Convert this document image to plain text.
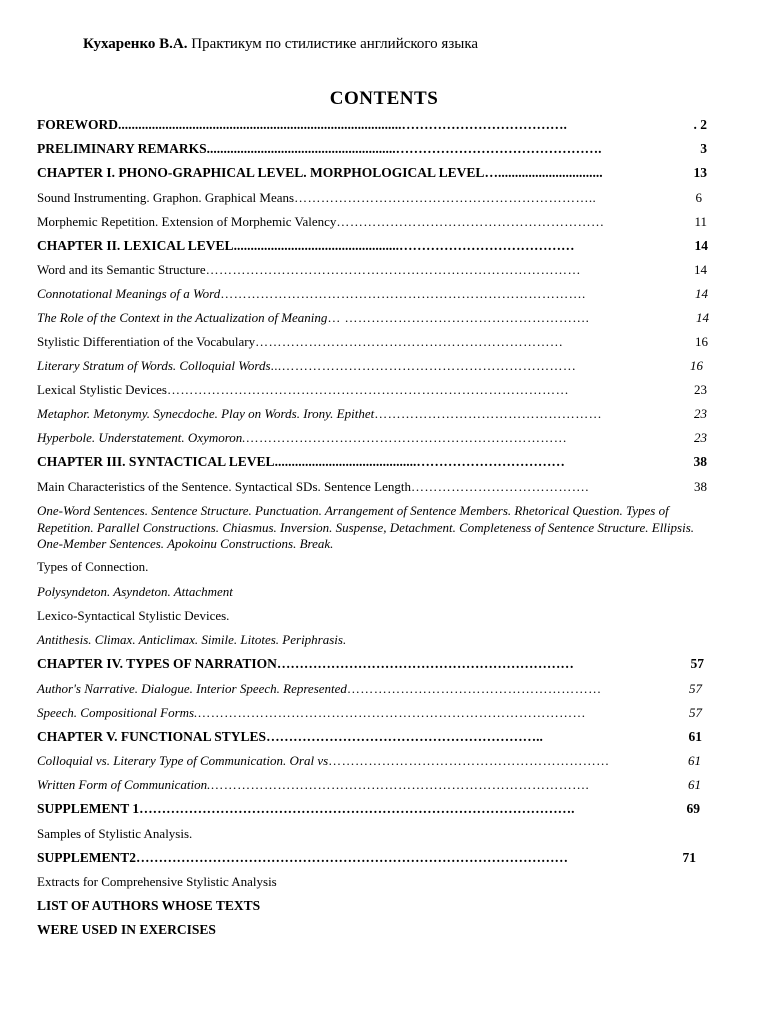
Кухаренко В.А. Практикум по стилистике английского языка
CONTENTS
FOREWORD ....................................................................................……………………………….	. 2
PRELIMINARY REMARKS ........................................................……………………………………….	3
CHAPTER I. PHONO-GRAPHICAL LEVEL. MORPHOLOGICAL LEVEL …...............................	13
Sound Instrumenting. Graphon. Graphical Means …………………………………………………………..	6
Morphemic Repetition. Extension of Morphemic Valency ……………………………………………………	11
CHAPTER II. LEXICAL LEVEL .................................................…………………………………	14
Word and its Semantic Structure …………………………………………………………………………	14
Connotational Meanings of a Word ……………………………………………………………………….	14
The Role of the Context in the Actualization of Meaning … ……………………………………………….	14
Stylistic Differentiation of the Vocabulary ……………………………………………………………	16
Literary Stratum of Words. Colloquial Words ...…………………………………………………………	16
Lexical Stylistic Devices ………………………………………………………………………………	23
Metaphor. Metonymy. Synecdoche. Play on Words. Irony. Epithet ……………………………………………	23
Hyperbole. Understatement. Oxymoron. ………………………………………………………………	23
CHAPTER III. SYNTACTICAL LEVEL ..........................................……………………………	38
Main Characteristics of the Sentence. Syntactical SDs. Sentence Length ………………………………….	38
One-Word Sentences. Sentence Structure. Punctuation. Arrangement of Sentence Members. Rhetorical Question. Types of Repetition. Parallel Constructions. Chiasmus. Inversion. Suspense, Detachment. Completeness of Sentence Structure. Ellipsis. One-Member Sentences. Apokoinu Constructions. Break.
Types of Connection.
Polysyndeton. Asyndeton. Attachment
Lexico-Syntactical Stylistic Devices.
Antithesis. Climax. Anticlimax. Simile. Litotes. Periphrasis.
CHAPTER IV. TYPES OF NARRATION …………………………………………………………	57
Author's Narrative. Dialogue. Interior Speech. Represented …………………………………………………	57
Speech. Compositional Forms. ……………………………………………………………………………	57
CHAPTER V. FUNCTIONAL STYLES ……………………………………………………..	61
Colloquial vs. Literary Type of Communication. Oral vs ………………………………………………………	61
Written Form of Communication. ………………………………………………………………………….	61
SUPPLEMENT 1 …………………………………………………………………………………….	69
Samples of Stylistic Analysis.
SUPPLEMENT2 ……………………………………………………………………………………	71
Extracts for Comprehensive Stylistic Analysis
LIST OF AUTHORS WHOSE TEXTS
WERE USED IN EXERCISES
